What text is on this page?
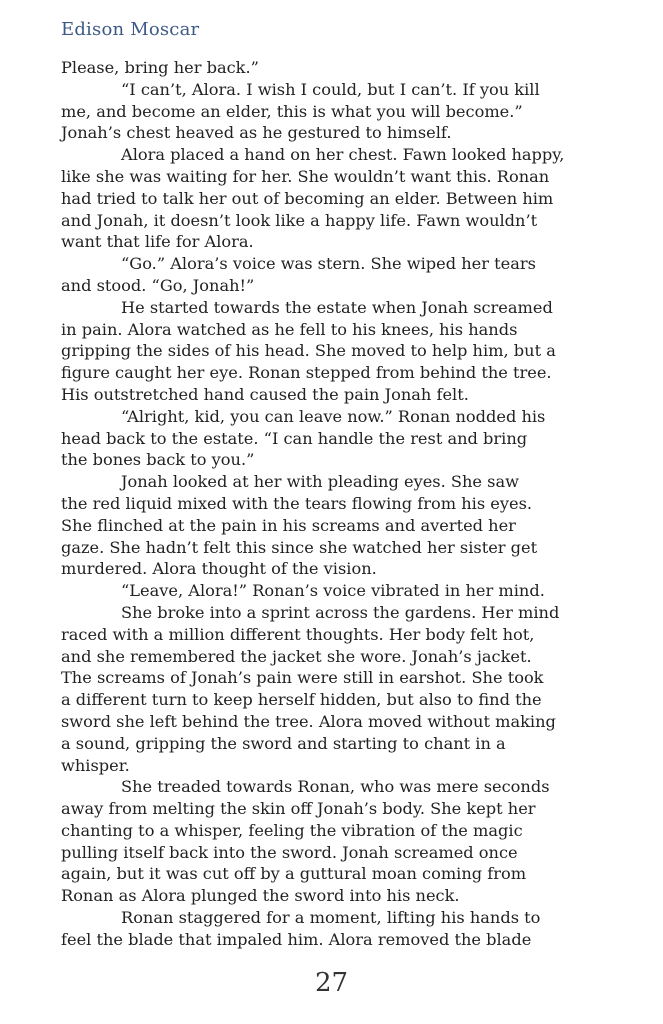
Edison Moscar
Please, bring her back.”
“I can’t, Alora. I wish I could, but I can’t. If you kill
me, and become an elder, this is what you will become.”
Jonah’s chest heaved as he gestured to himself.
Alora placed a hand on her chest. Fawn looked happy,
like she was waiting for her. She wouldn’t want this. Ronan
had tried to talk her out of becoming an elder. Between him
and Jonah, it doesn’t look like a happy life. Fawn wouldn’t
want that life for Alora.
“Go.” Alora’s voice was stern. She wiped her tears
and stood. “Go, Jonah!”
He started towards the estate when Jonah screamed
in pain. Alora watched as he fell to his knees, his hands
gripping the sides of his head. She moved to help him, but a
figure caught her eye. Ronan stepped from behind the tree.
His outstretched hand caused the pain Jonah felt.
“Alright, kid, you can leave now.” Ronan nodded his
head back to the estate. “I can handle the rest and bring
the bones back to you.”
Jonah looked at her with pleading eyes. She saw
the red liquid mixed with the tears flowing from his eyes.
She flinched at the pain in his screams and averted her
gaze. She hadn’t felt this since she watched her sister get
murdered. Alora thought of the vision.
“Leave, Alora!” Ronan’s voice vibrated in her mind.
She broke into a sprint across the gardens. Her mind
raced with a million different thoughts. Her body felt hot,
and she remembered the jacket she wore. Jonah’s jacket.
The screams of Jonah’s pain were still in earshot. She took
a different turn to keep herself hidden, but also to find the
sword she left behind the tree. Alora moved without making
a sound, gripping the sword and starting to chant in a
whisper.
She treaded towards Ronan, who was mere seconds
away from melting the skin off Jonah’s body. She kept her
chanting to a whisper, feeling the vibration of the magic
pulling itself back into the sword. Jonah screamed once
again, but it was cut off by a guttural moan coming from
Ronan as Alora plunged the sword into his neck.
Ronan staggered for a moment, lifting his hands to
feel the blade that impaled him. Alora removed the blade
27
